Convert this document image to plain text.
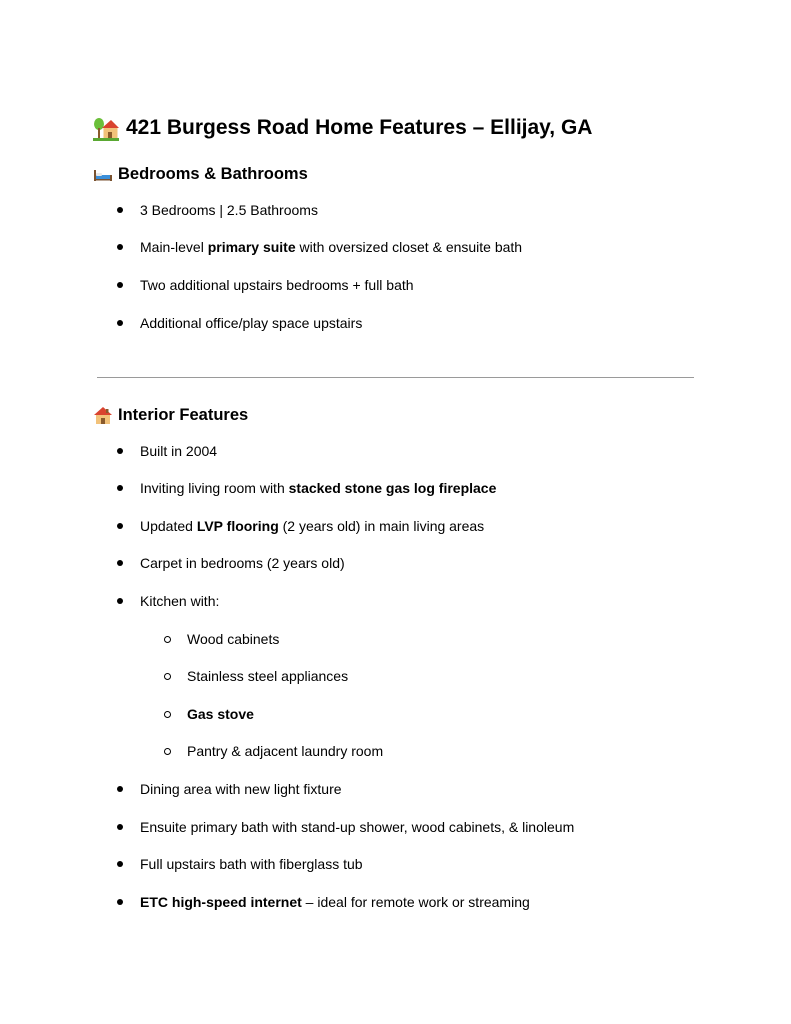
421 Burgess Road Home Features – Ellijay, GA
Bedrooms & Bathrooms
3 Bedrooms | 2.5 Bathrooms
Main-level primary suite with oversized closet & ensuite bath
Two additional upstairs bedrooms + full bath
Additional office/play space upstairs
Interior Features
Built in 2004
Inviting living room with stacked stone gas log fireplace
Updated LVP flooring (2 years old) in main living areas
Carpet in bedrooms (2 years old)
Kitchen with:
Wood cabinets
Stainless steel appliances
Gas stove
Pantry & adjacent laundry room
Dining area with new light fixture
Ensuite primary bath with stand-up shower, wood cabinets, & linoleum
Full upstairs bath with fiberglass tub
ETC high-speed internet – ideal for remote work or streaming
